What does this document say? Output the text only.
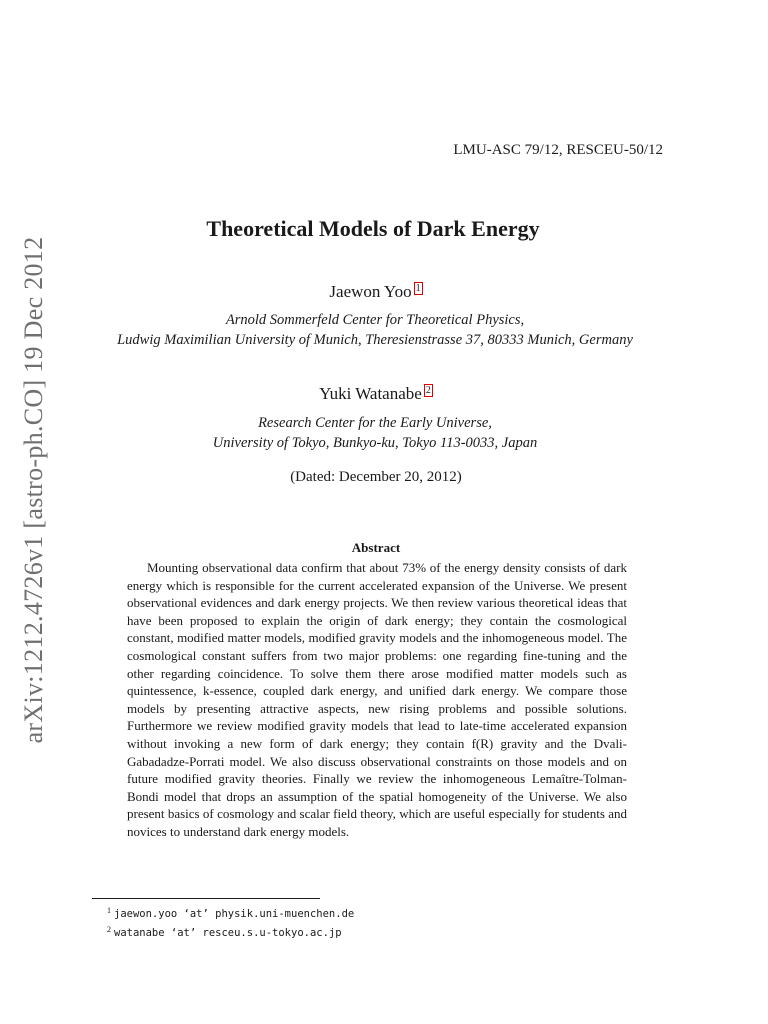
arXiv:1212.4726v1 [astro-ph.CO] 19 Dec 2012
LMU-ASC 79/12, RESCEU-50/12
Theoretical Models of Dark Energy
Jaewon Yoo 1
Arnold Sommerfeld Center for Theoretical Physics,
Ludwig Maximilian University of Munich, Theresienstrasse 37, 80333 Munich, Germany
Yuki Watanabe 2
Research Center for the Early Universe,
University of Tokyo, Bunkyo-ku, Tokyo 113-0033, Japan
(Dated: December 20, 2012)
Abstract

Mounting observational data confirm that about 73% of the energy density consists of dark energy which is responsible for the current accelerated expansion of the Universe. We present observational evidences and dark energy projects. We then review various theoretical ideas that have been proposed to explain the origin of dark energy; they contain the cosmological constant, modified matter models, modified gravity models and the inhomogeneous model. The cosmological constant suffers from two major problems: one regarding fine-tuning and the other regarding coincidence. To solve them there arose modified matter models such as quintessence, k-essence, coupled dark energy, and unified dark energy. We compare those models by presenting attractive aspects, new rising problems and possible solutions. Furthermore we review modified gravity models that lead to late-time accelerated expansion without invoking a new form of dark energy; they contain f(R) gravity and the Dvali-Gabadadze-Porrati model. We also discuss observational constraints on those models and on future modified gravity theories. Finally we review the inhomogeneous Lemaître-Tolman-Bondi model that drops an assumption of the spatial homogeneity of the Universe. We also present basics of cosmology and scalar field theory, which are useful especially for students and novices to understand dark energy models.

$^1$ jaewon.yoo ‘at’ physik.uni-muenchen.de
$^2$ watanabe ‘at’ resceu.s.u-tokyo.ac.jp
